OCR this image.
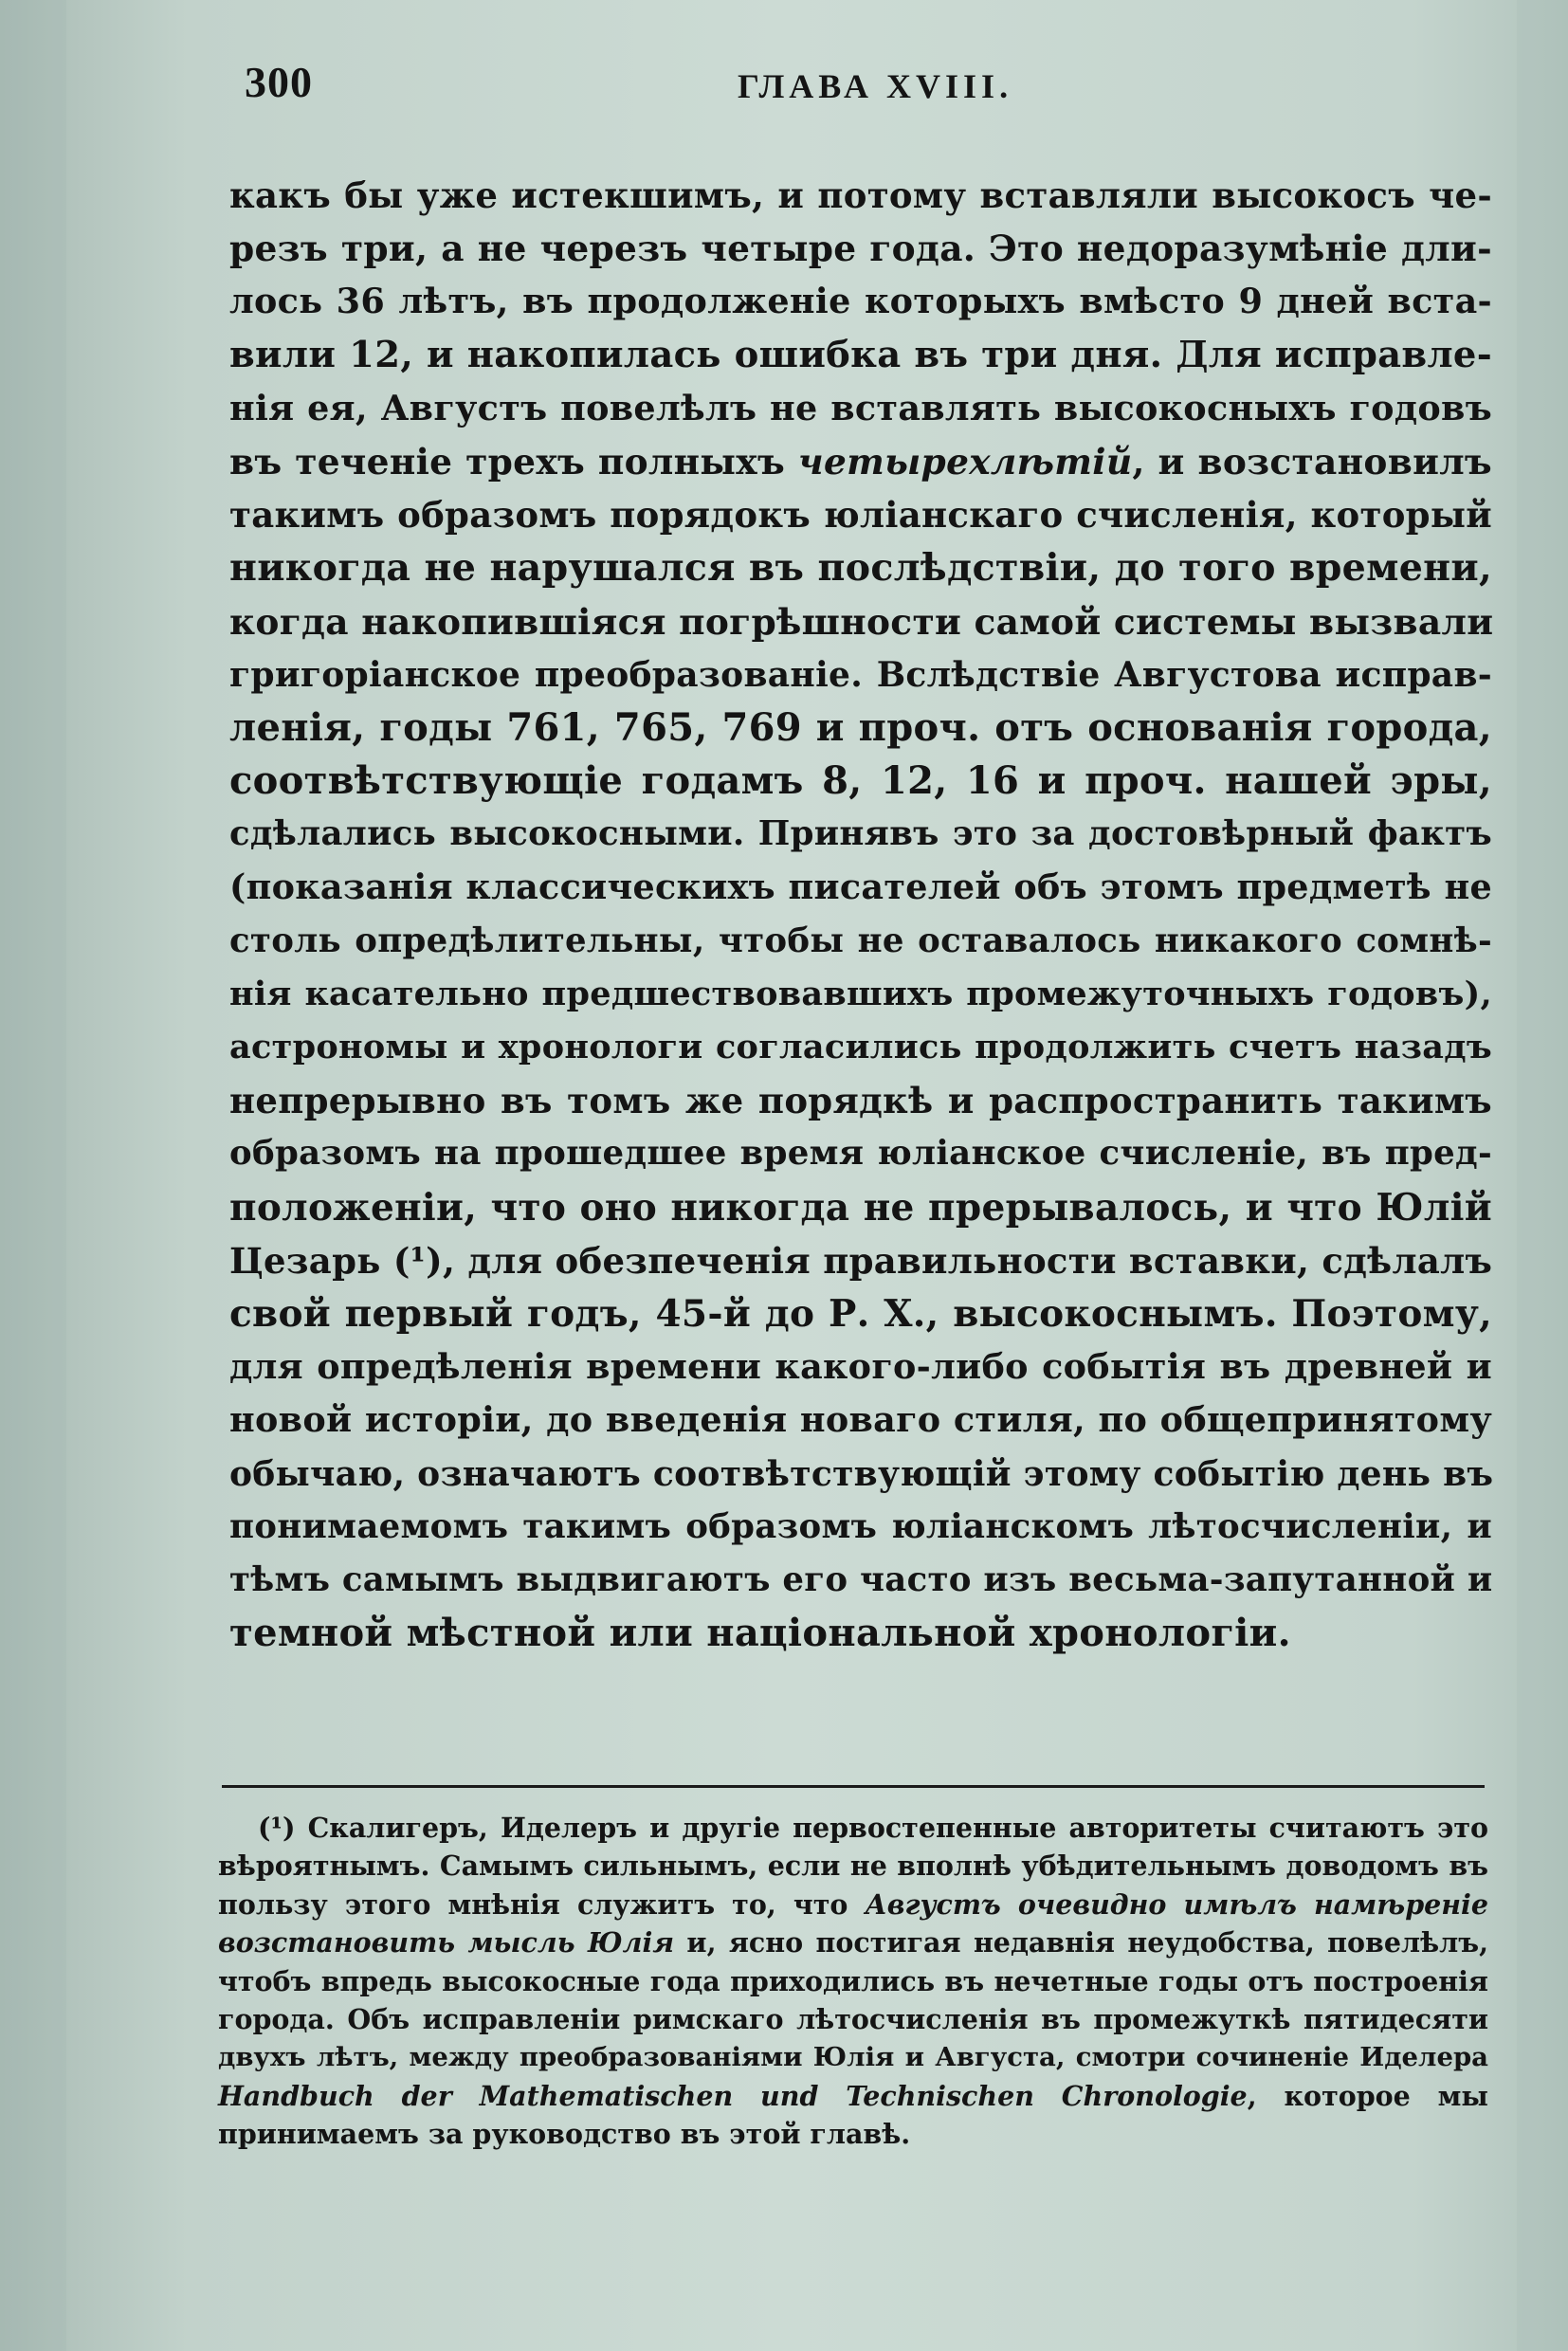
300	ГЛАВА XVIII.
какъ бы уже истекшимъ, и потому вставляли высокосъ че-
резъ три, а не черезъ четыре года. Это недоразумѣніе дли-
лось 36 лѣтъ, въ продолженіе которыхъ вмѣсто 9 дней вста-
вили 12, и накопилась ошибка въ три дня. Для исправле-
нія ея, Августъ повелѣлъ не вставлять высокосныхъ годовъ
въ теченіе трехъ полныхъ четырехлѣтій, и возстановилъ
такимъ образомъ порядокъ юліанскаго счисленія, который
никогда не нарушался въ послѣдствіи, до того времени,
когда накопившіяся погрѣшности самой системы вызвали
григоріанское преобразованіе. Вслѣдствіе Августова исправ-
ленія, годы 761, 765, 769 и проч. отъ основанія города,
соотвѣтствующіе годамъ 8, 12, 16 и проч. нашей эры,
сдѣлались высокосными. Принявъ это за достовѣрный фактъ
(показанія классическихъ писателей объ этомъ предметѣ не
столь опредѣлительны, чтобы не оставалось никакого сомнѣ-
нія касательно предшествовавшихъ промежуточныхъ годовъ),
астрономы и хронологи согласились продолжить счетъ назадъ
непрерывно въ томъ же порядкѣ и распространить такимъ
образомъ на прошедшее время юліанское счисленіе, въ пред-
положеніи, что оно никогда не прерывалось, и что Юлій
Цезарь (¹), для обезпеченія правильности вставки, сдѣлалъ
свой первый годъ, 45-й до Р. Х., высокоснымъ. Поэтому,
для опредѣленія времени какого-либо событія въ древней и
новой исторіи, до введенія новаго стиля, по общепринятому
обычаю, означаютъ соотвѣтствующій этому событію день въ
понимаемомъ такимъ образомъ юліанскомъ лѣтосчисленіи, и
тѣмъ самымъ выдвигаютъ его часто изъ весьма-запутанной и
темной мѣстной или національной хронологіи.
(¹) Скалигеръ, Иделеръ и другіе первостепенные авторитеты считаютъ это
вѣроятнымъ. Самымъ сильнымъ, если не вполнѣ убѣдительнымъ доводомъ въ
пользу этого мнѣнія служитъ то, что Августъ очевидно имѣлъ намѣреніе
возстановить мысль Юлія и, ясно постигая недавнія неудобства, повелѣлъ,
чтобъ впредь высокосные года приходились въ нечетные годы отъ построенія
города. Объ исправленіи римскаго лѣтосчисленія въ промежуткѣ пятидесяти
двухъ лѣтъ, между преобразованіями Юлія и Августа, смотри сочиненіе Иделера
Handbuch der Mathematischen und Technischen Chronologie, которое мы
принимаемъ за руководство въ этой главѣ.
